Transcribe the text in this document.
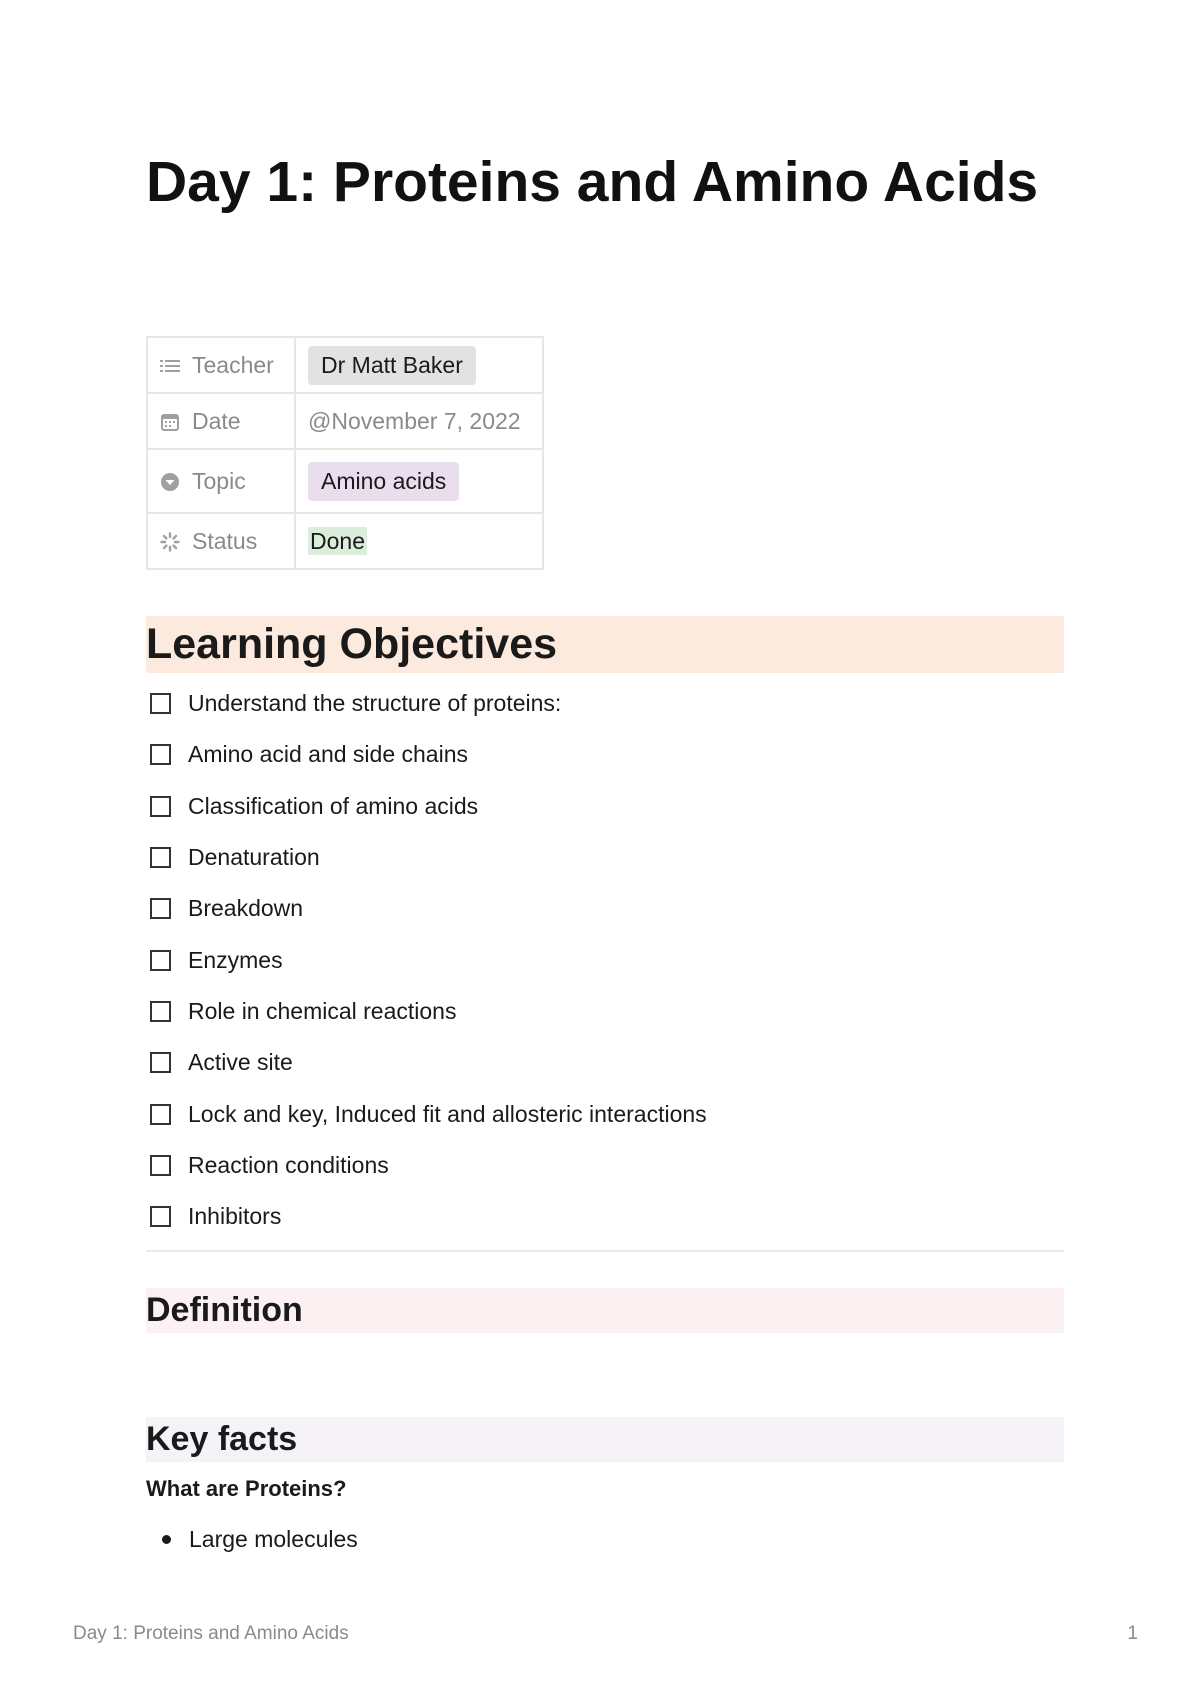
Day 1: Proteins and Amino Acids
Teacher	Dr Matt Baker

Date	@November 7, 2022

Topic	Amino acids

Status	Done
Learning Objectives
Understand the structure of proteins:
Amino acid and side chains
Classification of amino acids
Denaturation
Breakdown
Enzymes
Role in chemical reactions
Active site
Lock and key, Induced fit and allosteric interactions
Reaction conditions
Inhibitors
Definition
Key facts

What are Proteins?

Large molecules
Day 1: Proteins and Amino Acids	1
